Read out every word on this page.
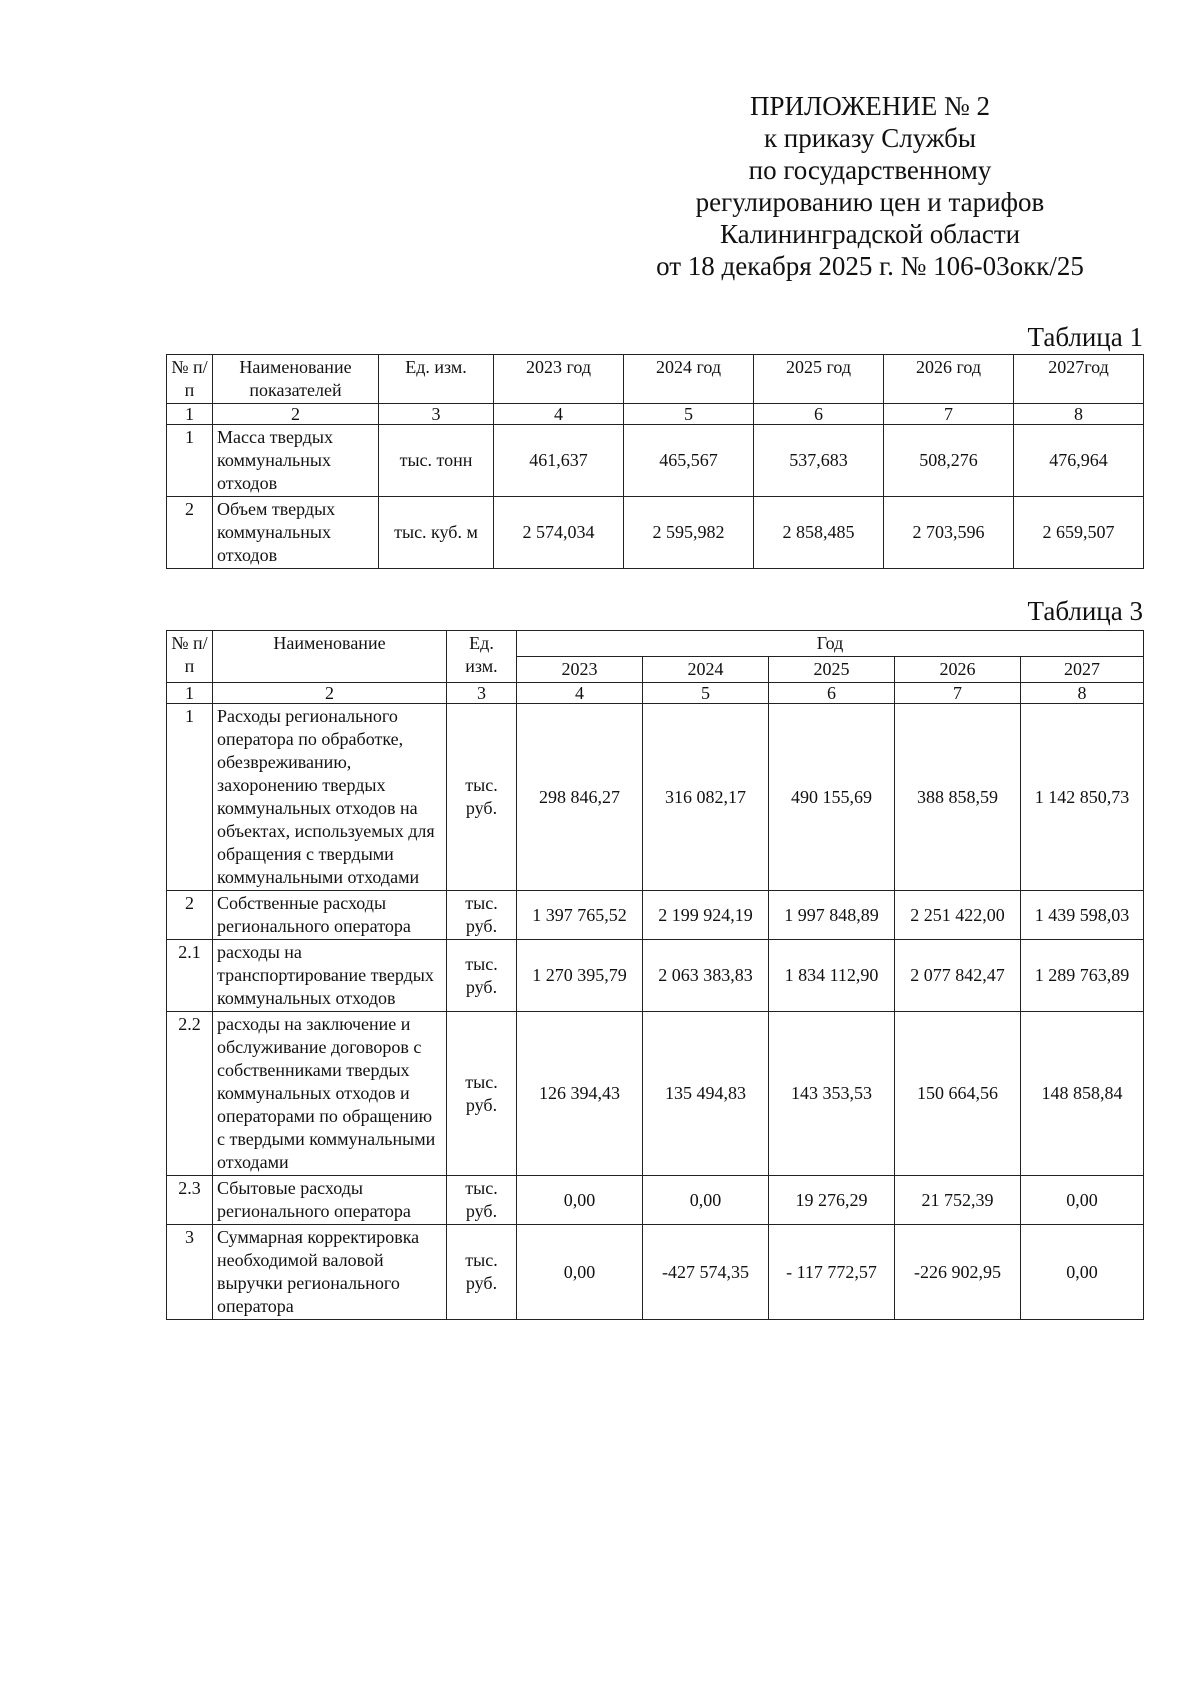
ПРИЛОЖЕНИЕ № 2
к приказу Службы
по государственному
регулированию цен и тарифов
Калининградской области
от 18 декабря 2025 г. № 106-03окк/25
Таблица 1
№ п/п	Наименование показателей	Ед. изм.	2023 год	2024 год	2025 год	2026 год	2027год
1	2	3	4	5	6	7	8
1	Масса твердых коммунальных отходов	тыс. тонн	461,637	465,567	537,683	508,276	476,964
2	Объем твердых коммунальных отходов	тыс. куб. м	2 574,034	2 595,982	2 858,485	2 703,596	2 659,507
Таблица 3
№ п/п	Наименование	Ед. изм.	Год				
			2023	2024	2025	2026	2027
1	2	3	4	5	6	7	8
1	Расходы регионального оператора по обработке, обезвреживанию, захоронению твердых коммунальных отходов на объектах, используемых для обращения с твердыми коммунальными отходами	тыс. руб.	298 846,27	316 082,17	490 155,69	388 858,59	1 142 850,73
2	Собственные расходы регионального оператора	тыс. руб.	1 397 765,52	2 199 924,19	1 997 848,89	2 251 422,00	1 439 598,03
2.1	расходы на транспортирование твердых коммунальных отходов	тыс. руб.	1 270 395,79	2 063 383,83	1 834 112,90	2 077 842,47	1 289 763,89
2.2	расходы на заключение и обслуживание договоров с собственниками твердых коммунальных отходов и операторами по обращению с твердыми коммунальными отходами	тыс. руб.	126 394,43	135 494,83	143 353,53	150 664,56	148 858,84
2.3	Сбытовые расходы регионального оператора	тыс. руб.	0,00	0,00	19 276,29	21 752,39	0,00
3	Суммарная корректировка необходимой валовой выручки регионального оператора	тыс. руб.	0,00	-427 574,35	- 117 772,57	-226 902,95	0,00
